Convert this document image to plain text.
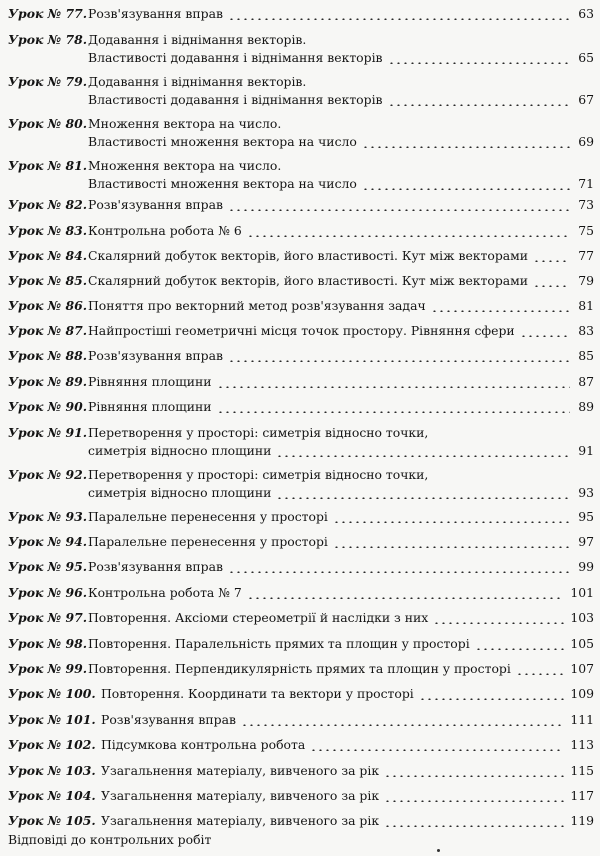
Урок № 77. Розв'язування вправ	63
Урок № 78. Додавання і віднімання векторів.
Властивості додавання і віднімання векторів	65
Урок № 79. Додавання і віднімання векторів.
Властивості додавання і віднімання векторів	67
Урок № 80. Множення вектора на число.
Властивості множення вектора на число	69
Урок № 81. Множення вектора на число.
Властивості множення вектора на число	71
Урок № 82. Розв'язування вправ	73
Урок № 83. Контрольна робота № 6	75
Урок № 84. Скалярний добуток векторів, його властивості. Кут між векторами	77
Урок № 85. Скалярний добуток векторів, його властивості. Кут між векторами	79
Урок № 86. Поняття про векторний метод розв'язування задач	81
Урок № 87. Найпростіші геометричні місця точок простору. Рівняння сфери	83
Урок № 88. Розв'язування вправ	85
Урок № 89. Рівняння площини	87
Урок № 90. Рівняння площини	89
Урок № 91. Перетворення у просторі: симетрія відносно точки,
симетрія відносно площини	91
Урок № 92. Перетворення у просторі: симетрія відносно точки,
симетрія відносно площини	93
Урок № 93. Паралельне перенесення у просторі	95
Урок № 94. Паралельне перенесення у просторі	97
Урок № 95. Розв'язування вправ	99
Урок № 96. Контрольна робота № 7	101
Урок № 97. Повторення. Аксіоми стереометрії й наслідки з них	103
Урок № 98. Повторення. Паралельність прямих та площин у просторі	105
Урок № 99. Повторення. Перпендикулярність прямих та площин у просторі	107
Урок № 100. Повторення. Координати та вектори у просторі	109
Урок № 101. Розв'язування вправ	111
Урок № 102. Підсумкова контрольна робота	113
Урок № 103. Узагальнення матеріалу, вивченого за рік	115
Урок № 104. Узагальнення матеріалу, вивченого за рік	117
Урок № 105. Узагальнення матеріалу, вивченого за рік	119
Відповіді до контрольних робіт
